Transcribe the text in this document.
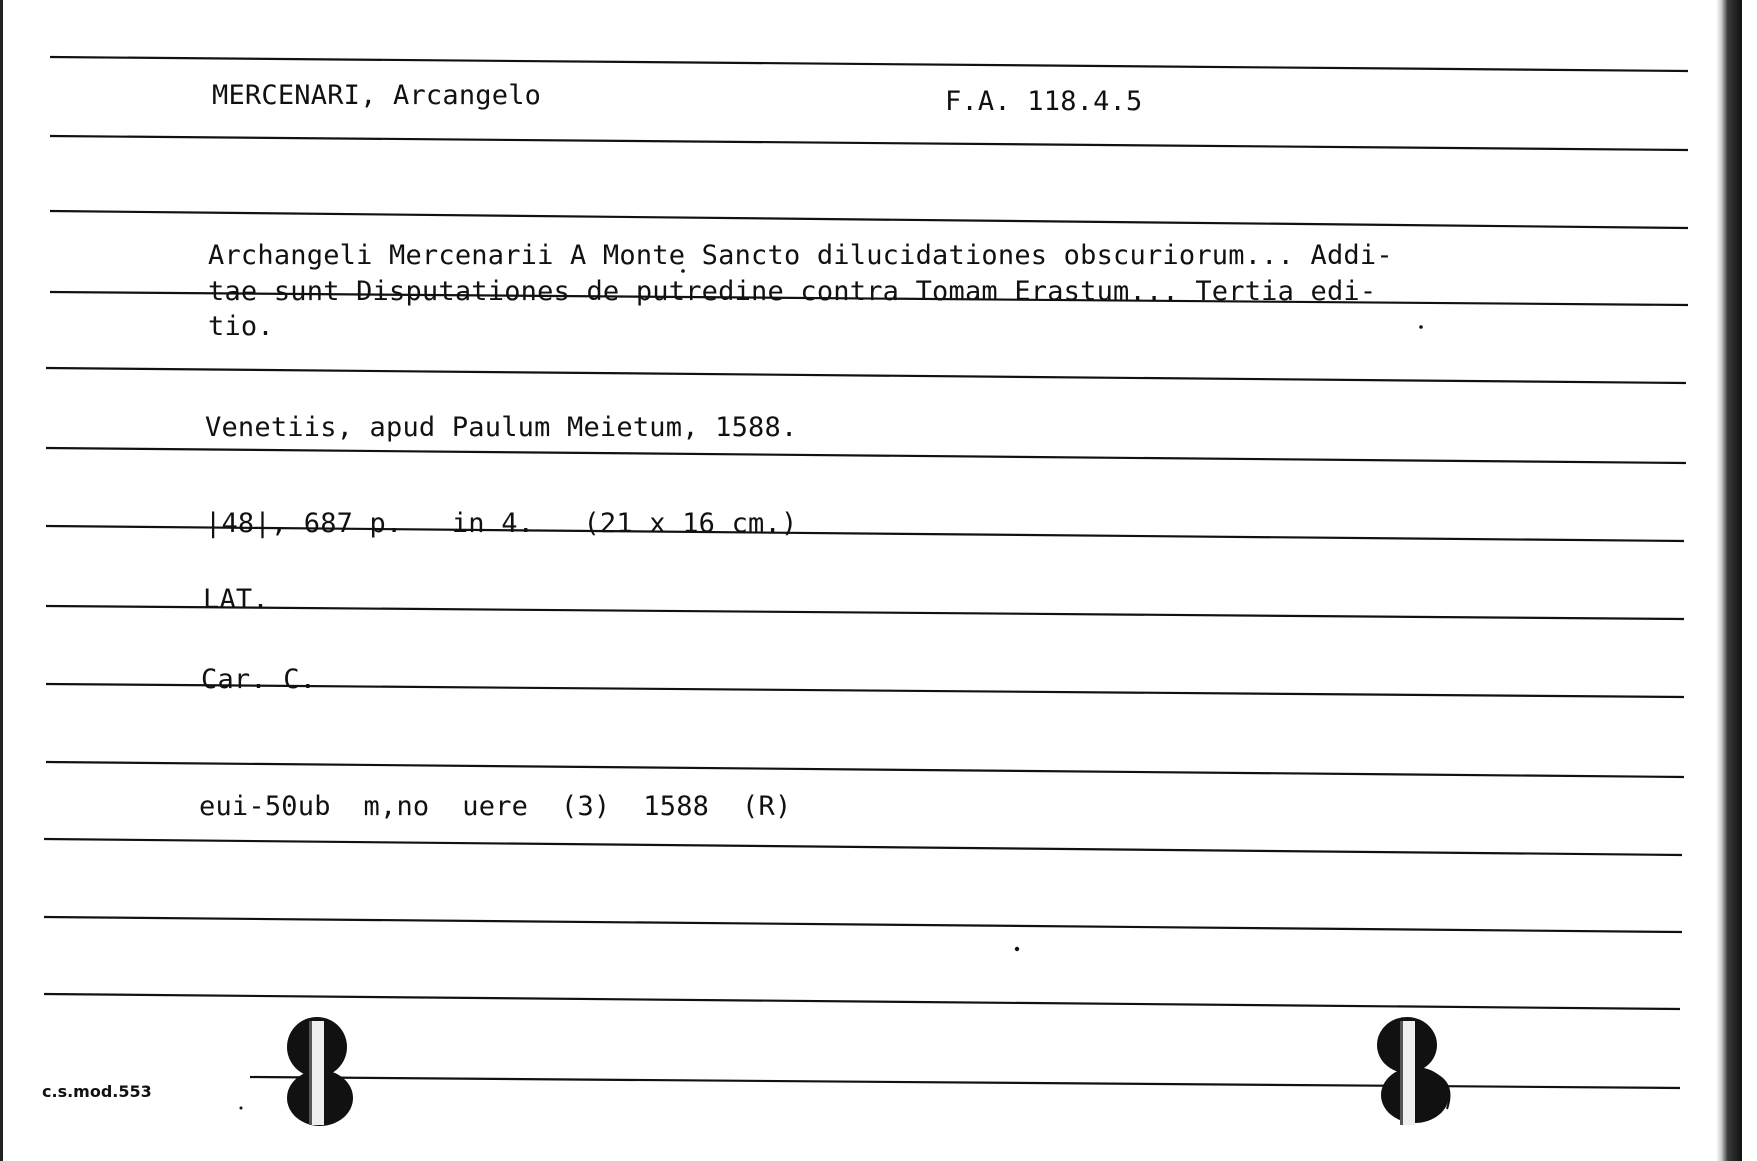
MERCENARI, Arcangelo	F.A. 118.4.5
Archangeli Mercenarii A Monte Sancto dilucidationes obscuriorum... Addi-
tae sunt Disputationes de putredine contra Tomam Erastum... Tertia edi-
tio.
Venetiis, apud Paulum Meietum, 1588.
|48|, 687 p.   in 4.   (21 x 16 cm.)
LAT.
Car. C.
eui-50ub  m,no  uere  (3)  1588  (R)
c.s.mod.553
